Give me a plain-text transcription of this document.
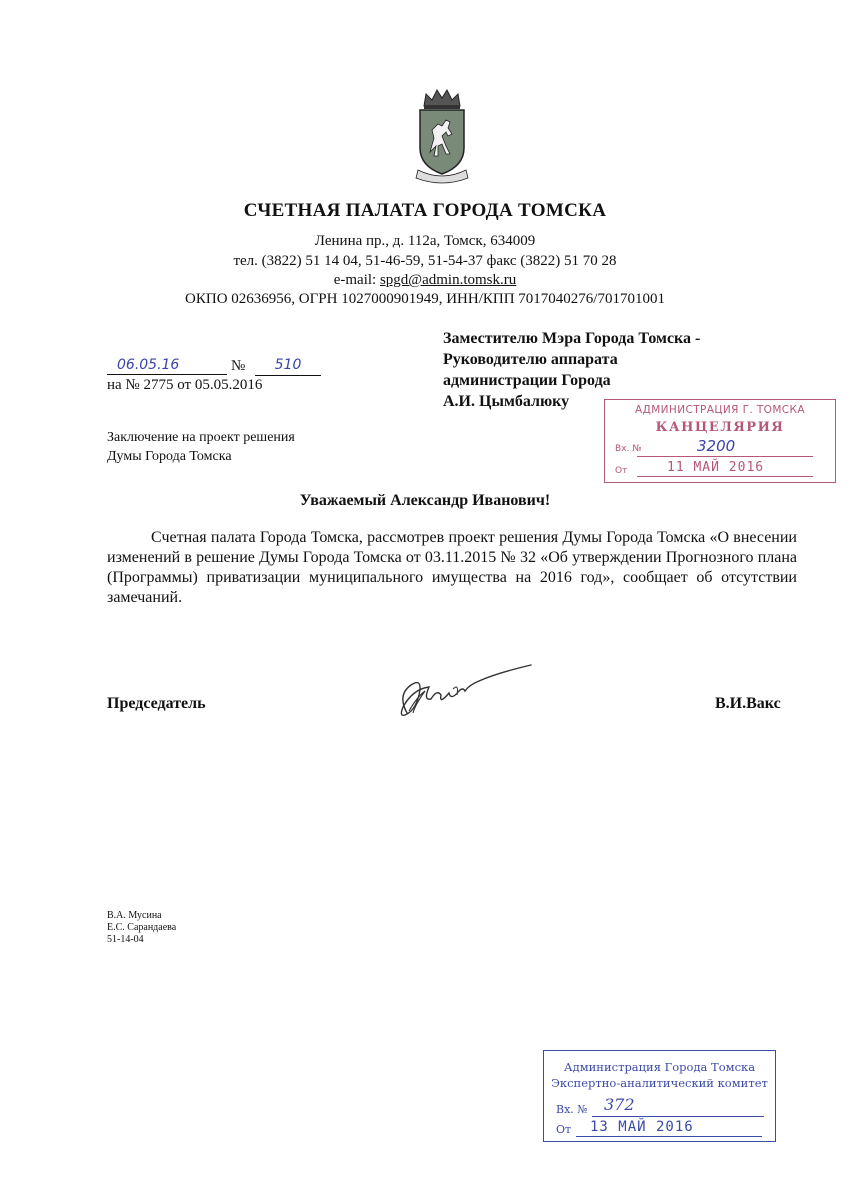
СЧЕТНАЯ ПАЛАТА ГОРОДА ТОМСКА
Ленина пр., д. 112а, Томск, 634009
тел. (3822) 51 14 04, 51-46-59, 51-54-37 факс (3822) 51 70 28
e-mail: spgd@admin.tomsk.ru
ОКПО 02636956, ОГРН 1027000901949, ИНН/КПП 7017040276/701701001
06.05.16	№	510
на № 2775 от 05.05.2016
Заместителю Мэра Города Томска -
Руководителю аппарата
администрации Города
А.И. Цымбалюку
Заключение на проект решения
Думы Города Томска
АДМИНИСТРАЦИЯ Г. ТОМСКА
КАНЦЕЛЯРИЯ
Вх. №	3200
От	11 МАЙ 2016
Уважаемый Александр Иванович!
Счетная палата Города Томска, рассмотрев проект решения Думы Города Томска «О внесении изменений в решение Думы Города Томска от 03.11.2015 № 32 «Об утверждении Прогнозного плана (Программы) приватизации муниципального имущества на 2016 год», сообщает об отсутствии замечаний.
Председатель	В.И.Вакс
В.А. Мусина
Е.С. Сарандаева
51-14-04
Администрация Города Томска
Экспертно-аналитический комитет
Вх. № 372
От 13 МАЙ 2016
